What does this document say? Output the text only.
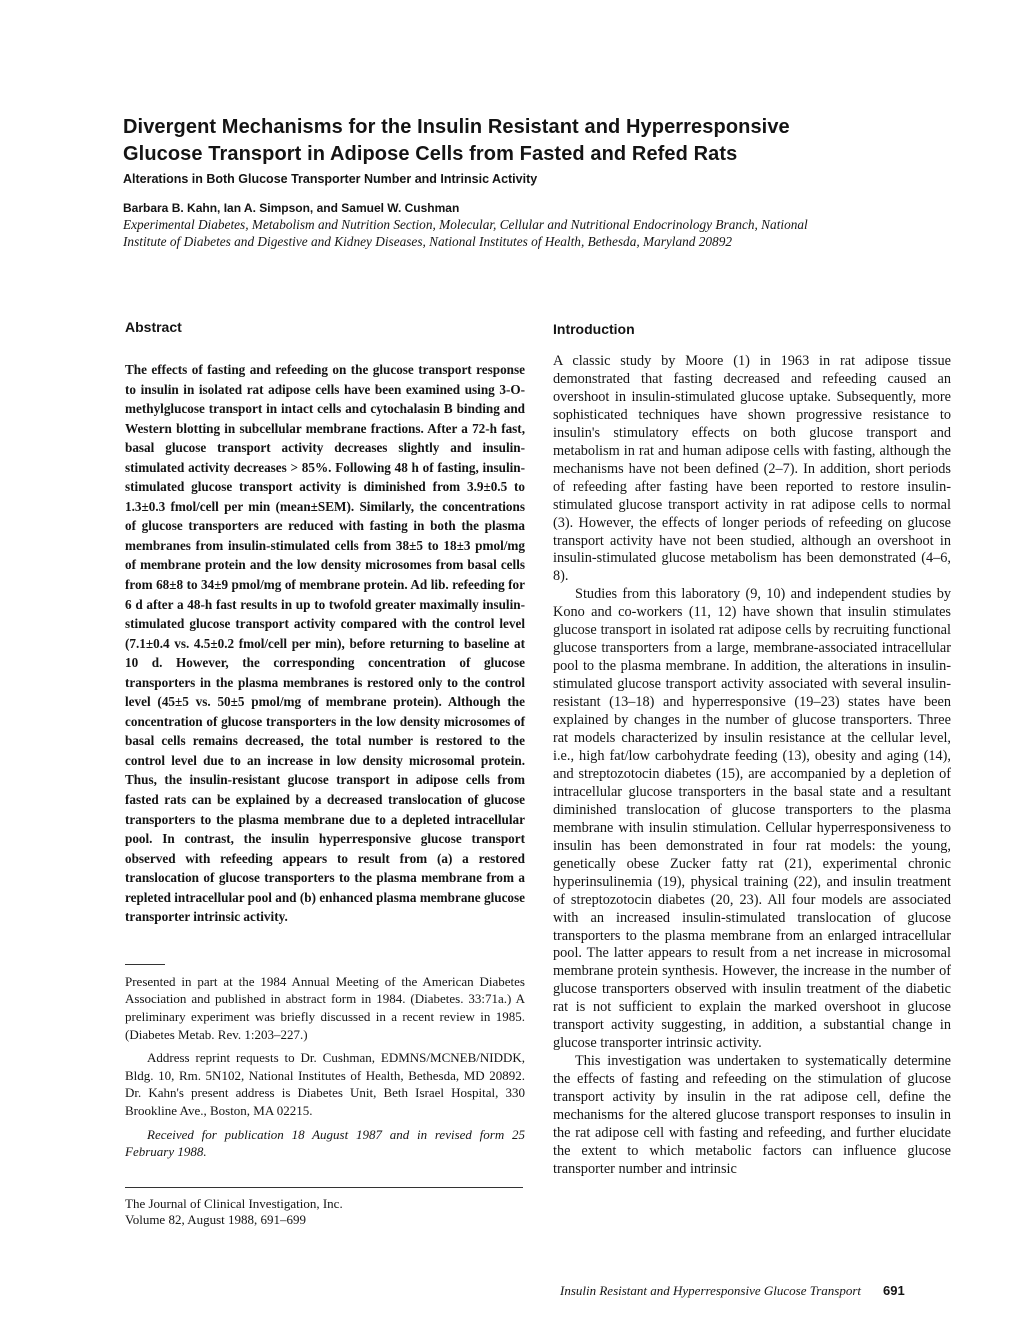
Divergent Mechanisms for the Insulin Resistant and Hyperresponsive
Glucose Transport in Adipose Cells from Fasted and Refed Rats

Alterations in Both Glucose Transporter Number and Intrinsic Activity

Barbara B. Kahn, Ian A. Simpson, and Samuel W. Cushman

Experimental Diabetes, Metabolism and Nutrition Section, Molecular, Cellular and Nutritional Endocrinology Branch, National

Institute of Diabetes and Digestive and Kidney Diseases, National Institutes of Health, Bethesda, Maryland 20892

Abstract

The effects of fasting and refeeding on the glucose transport response to insulin in isolated rat adipose cells have been examined using 3-O-methylglucose transport in intact cells and cytochalasin B binding and Western blotting in subcellular membrane fractions. After a 72-h fast, basal glucose transport activity decreases slightly and insulin-stimulated activity decreases > 85%. Following 48 h of fasting, insulin-stimulated glucose transport activity is diminished from 3.9±0.5 to 1.3±0.3 fmol/cell per min (mean±SEM). Similarly, the concentrations of glucose transporters are reduced with fasting in both the plasma membranes from insulin-stimulated cells from 38±5 to 18±3 pmol/mg of membrane protein and the low density microsomes from basal cells from 68±8 to 34±9 pmol/mg of membrane protein. Ad lib. refeeding for 6 d after a 48-h fast results in up to twofold greater maximally insulin-stimulated glucose transport activity compared with the control level (7.1±0.4 vs. 4.5±0.2 fmol/cell per min), before returning to baseline at 10 d. However, the corresponding concentration of glucose transporters in the plasma membranes is restored only to the control level (45±5 vs. 50±5 pmol/mg of membrane protein). Although the concentration of glucose transporters in the low density microsomes of basal cells remains decreased, the total number is restored to the control level due to an increase in low density microsomal protein. Thus, the insulin-resistant glucose transport in adipose cells from fasted rats can be explained by a decreased translocation of glucose transporters to the plasma membrane due to a depleted intracellular pool. In contrast, the insulin hyperresponsive glucose transport observed with refeeding appears to result from (a) a restored translocation of glucose transporters to the plasma membrane from a repleted intracellular pool and (b) enhanced plasma membrane glucose transporter intrinsic activity.

Presented in part at the 1984 Annual Meeting of the American Diabetes Association and published in abstract form in 1984. (Diabetes. 33:71a.) A preliminary experiment was briefly discussed in a recent review in 1985. (Diabetes Metab. Rev. 1:203–227.)

Address reprint requests to Dr. Cushman, EDMNS/MCNEB/NIDDK, Bldg. 10, Rm. 5N102, National Institutes of Health, Bethesda, MD 20892. Dr. Kahn's present address is Diabetes Unit, Beth Israel Hospital, 330 Brookline Ave., Boston, MA 02215.

Received for publication 18 August 1987 and in revised form 25 February 1988.

The Journal of Clinical Investigation, Inc.

Volume 82, August 1988, 691–699

Introduction

A classic study by Moore (1) in 1963 in rat adipose tissue demonstrated that fasting decreased and refeeding caused an overshoot in insulin-stimulated glucose uptake. Subsequently, more sophisticated techniques have shown progressive resistance to insulin's stimulatory effects on both glucose transport and metabolism in rat and human adipose cells with fasting, although the mechanisms have not been defined (2–7). In addition, short periods of refeeding after fasting have been reported to restore insulin-stimulated glucose transport activity in rat adipose cells to normal (3). However, the effects of longer periods of refeeding on glucose transport activity have not been studied, although an overshoot in insulin-stimulated glucose metabolism has been demonstrated (4–6, 8).

Studies from this laboratory (9, 10) and independent studies by Kono and co-workers (11, 12) have shown that insulin stimulates glucose transport in isolated rat adipose cells by recruiting functional glucose transporters from a large, membrane-associated intracellular pool to the plasma membrane. In addition, the alterations in insulin-stimulated glucose transport activity associated with several insulin-resistant (13–18) and hyperresponsive (19–23) states have been explained by changes in the number of glucose transporters. Three rat models characterized by insulin resistance at the cellular level, i.e., high fat/low carbohydrate feeding (13), obesity and aging (14), and streptozotocin diabetes (15), are accompanied by a depletion of intracellular glucose transporters in the basal state and a resultant diminished translocation of glucose transporters to the plasma membrane with insulin stimulation. Cellular hyperresponsiveness to insulin has been demonstrated in four rat models: the young, genetically obese Zucker fatty rat (21), experimental chronic hyperinsulinemia (19), physical training (22), and insulin treatment of streptozotocin diabetes (20, 23). All four models are associated with an increased insulin-stimulated translocation of glucose transporters to the plasma membrane from an enlarged intracellular pool. The latter appears to result from a net increase in microsomal membrane protein synthesis. However, the increase in the number of glucose transporters observed with insulin treatment of the diabetic rat is not sufficient to explain the marked overshoot in glucose transport activity suggesting, in addition, a substantial change in glucose transporter intrinsic activity.

This investigation was undertaken to systematically determine the effects of fasting and refeeding on the stimulation of glucose transport activity by insulin in the rat adipose cell, define the mechanisms for the altered glucose transport responses to insulin in the rat adipose cell with fasting and refeeding, and further elucidate the extent to which metabolic factors can influence glucose transporter number and intrinsic

Insulin Resistant and Hyperresponsive Glucose Transport 691
